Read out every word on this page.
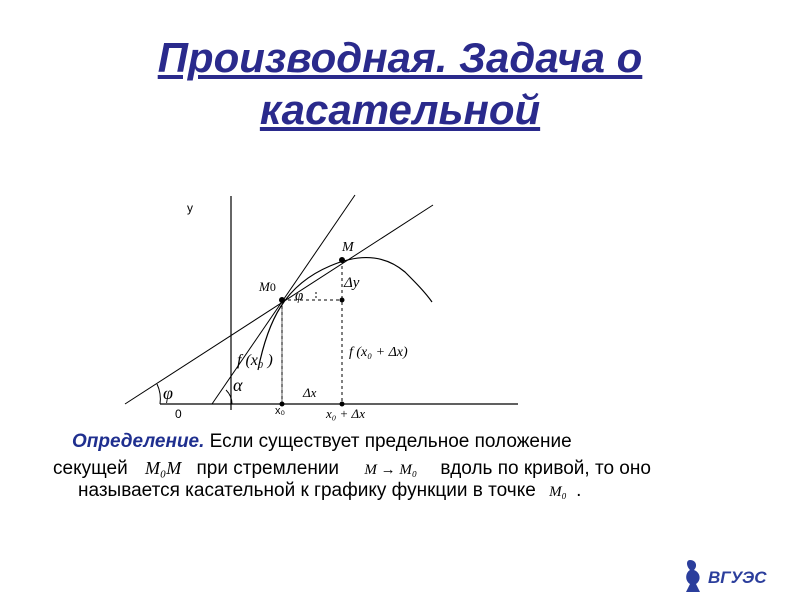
Производная. Задача о
касательной
y
0
M
M0	Δy
φ
f (x₀ )	f (x₀ + Δx)
Δx
φ	α
x₀	x₀ + Δx
Определение. Если существует предельное положение
секущей M₀M при стремлении M → M₀ вдоль по кривой, то оно
называется касательной к графику функции в точке M₀ .
ВГУЭС
